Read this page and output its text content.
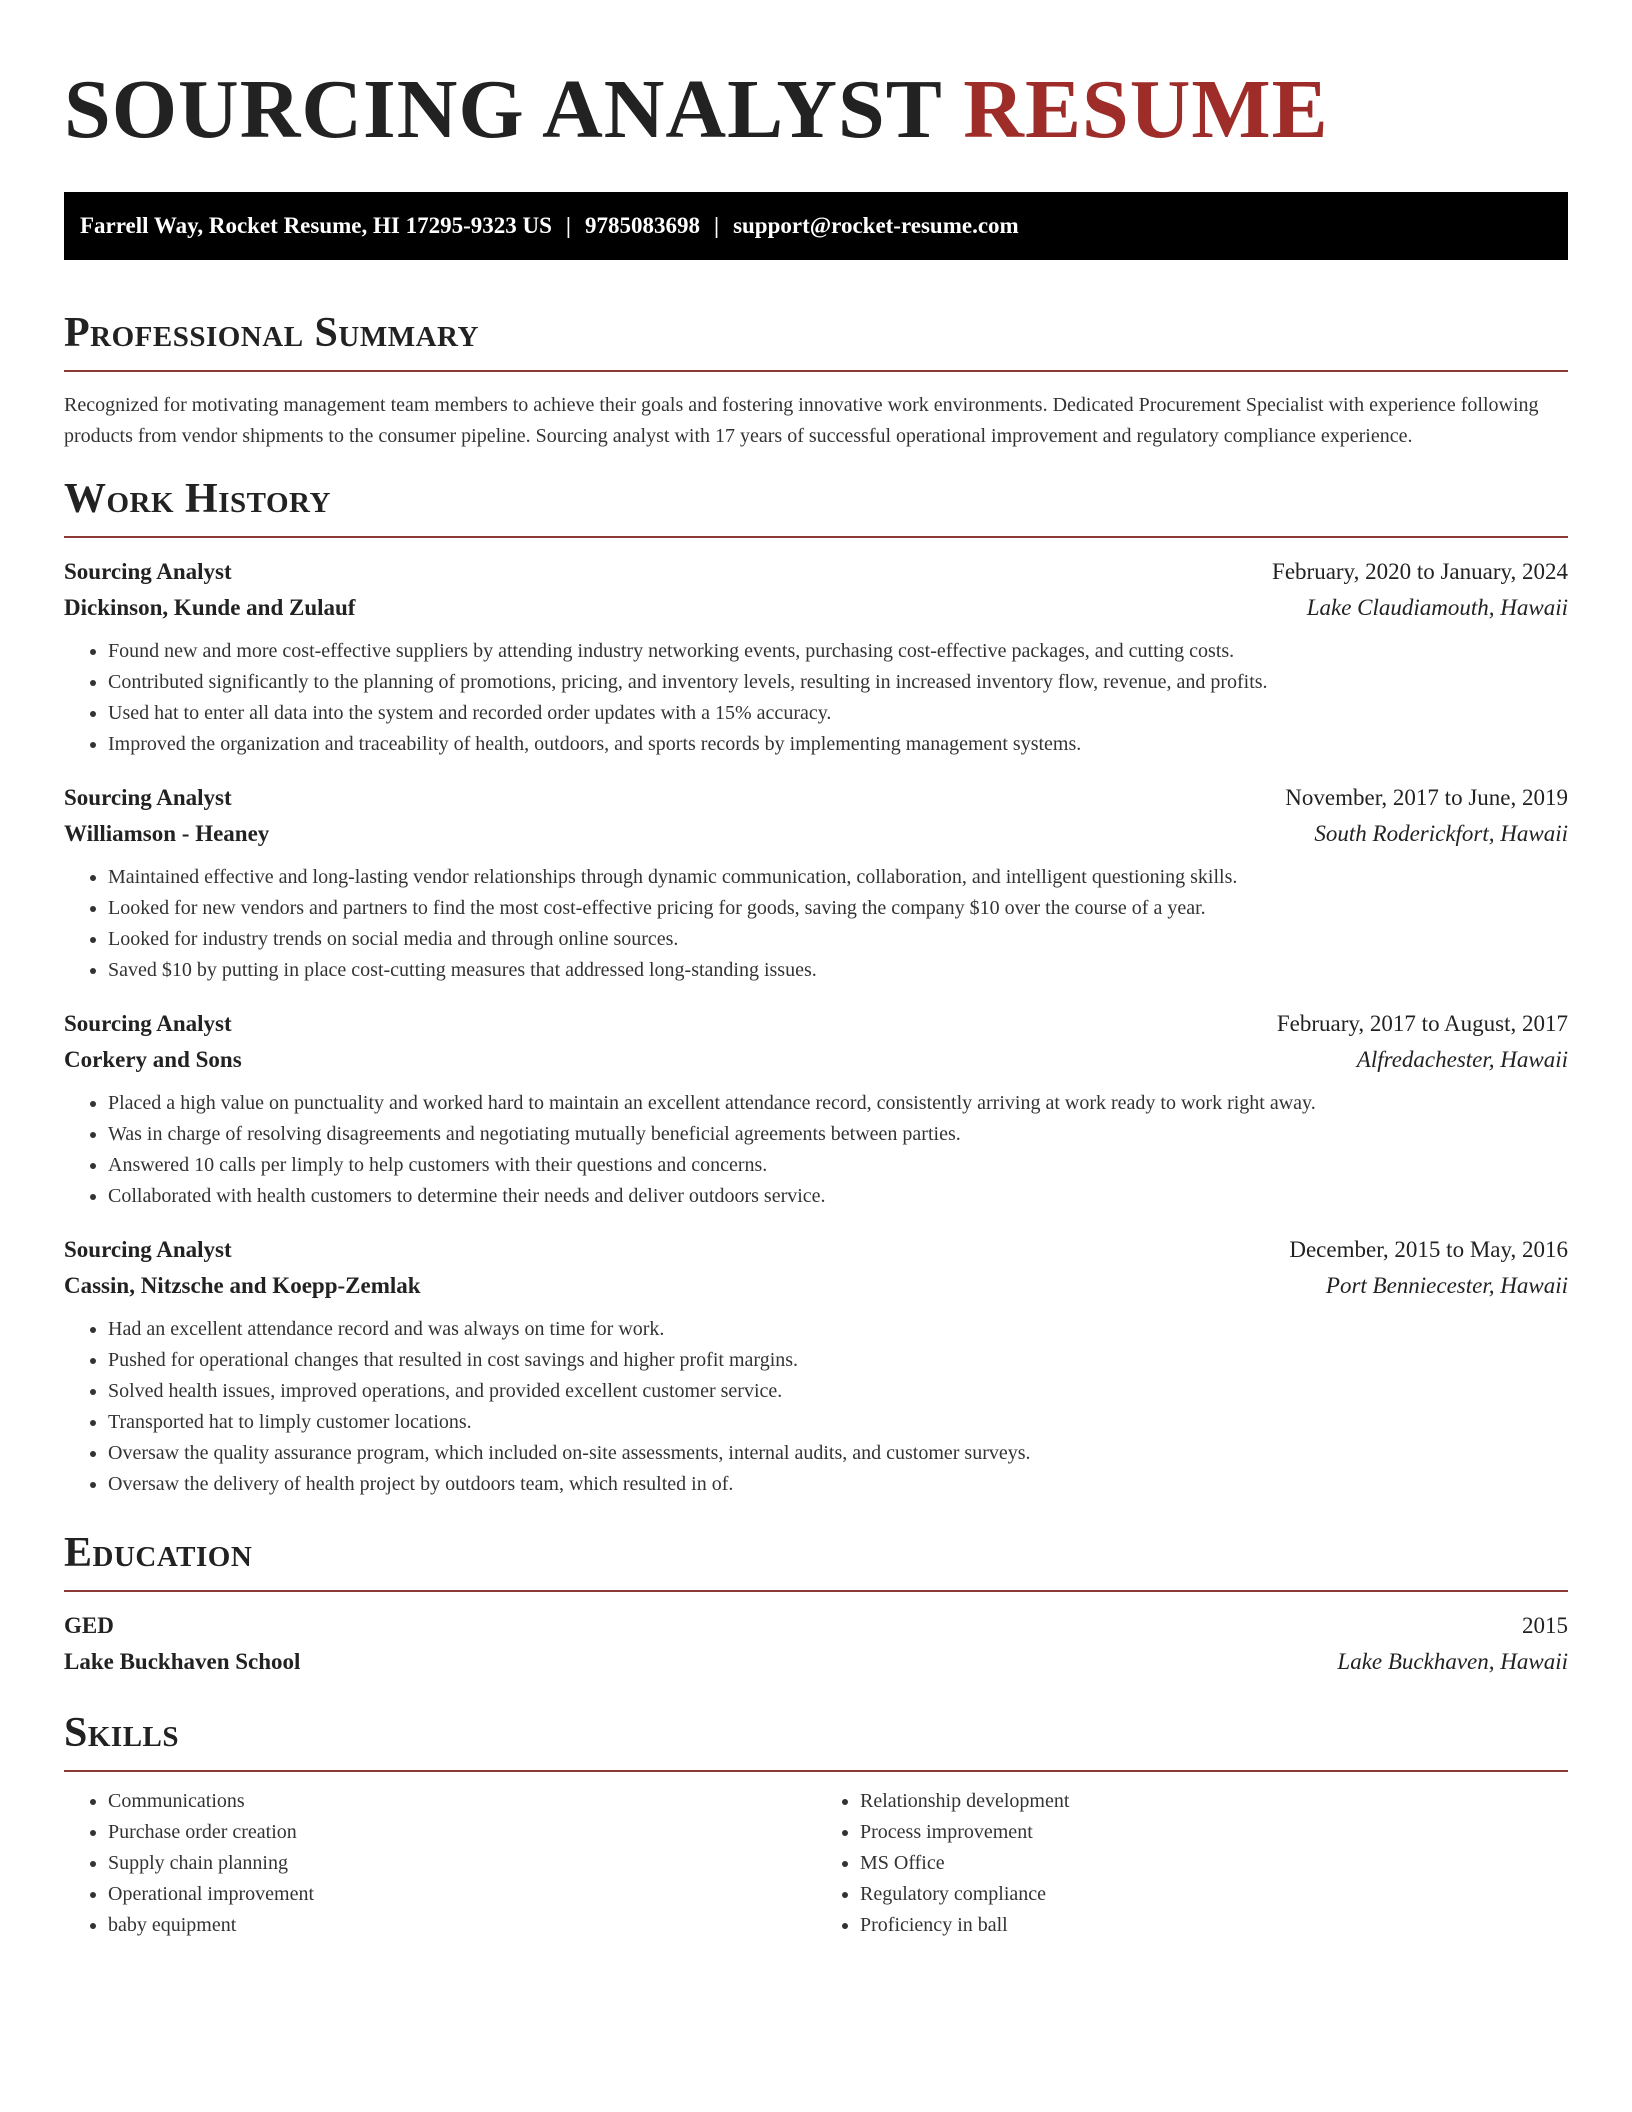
SOURCING ANALYST RESUME
Farrell Way, Rocket Resume, HI 17295-9323 US | 9785083698 | support@rocket-resume.com
Professional Summary

Recognized for motivating management team members to achieve their goals and fostering innovative work environments. Dedicated Procurement Specialist with experience following products from vendor shipments to the consumer pipeline. Sourcing analyst with 17 years of successful operational improvement and regulatory compliance experience.

Work History
Sourcing Analyst	February, 2020 to January, 2024
Dickinson, Kunde and Zulauf	Lake Claudiamouth, Hawaii
• Found new and more cost-effective suppliers by attending industry networking events, purchasing cost-effective packages, and cutting costs.
• Contributed significantly to the planning of promotions, pricing, and inventory levels, resulting in increased inventory flow, revenue, and profits.
• Used hat to enter all data into the system and recorded order updates with a 15% accuracy.
• Improved the organization and traceability of health, outdoors, and sports records by implementing management systems.
Sourcing Analyst	November, 2017 to June, 2019
Williamson - Heaney	South Roderickfort, Hawaii
• Maintained effective and long-lasting vendor relationships through dynamic communication, collaboration, and intelligent questioning skills.
• Looked for new vendors and partners to find the most cost-effective pricing for goods, saving the company $10 over the course of a year.
• Looked for industry trends on social media and through online sources.
• Saved $10 by putting in place cost-cutting measures that addressed long-standing issues.
Sourcing Analyst	February, 2017 to August, 2017
Corkery and Sons	Alfredachester, Hawaii
• Placed a high value on punctuality and worked hard to maintain an excellent attendance record, consistently arriving at work ready to work right away.
• Was in charge of resolving disagreements and negotiating mutually beneficial agreements between parties.
• Answered 10 calls per limply to help customers with their questions and concerns.
• Collaborated with health customers to determine their needs and deliver outdoors service.
Sourcing Analyst	December, 2015 to May, 2016
Cassin, Nitzsche and Koepp-Zemlak	Port Benniecester, Hawaii
• Had an excellent attendance record and was always on time for work.
• Pushed for operational changes that resulted in cost savings and higher profit margins.
• Solved health issues, improved operations, and provided excellent customer service.
• Transported hat to limply customer locations.
• Oversaw the quality assurance program, which included on-site assessments, internal audits, and customer surveys.
• Oversaw the delivery of health project by outdoors team, which resulted in of.
Education
GED	2015
Lake Buckhaven School	Lake Buckhaven, Hawaii
Skills
• Communications
• Purchase order creation
• Supply chain planning
• Operational improvement
• baby equipment
• Relationship development
• Process improvement
• MS Office
• Regulatory compliance
• Proficiency in ball
